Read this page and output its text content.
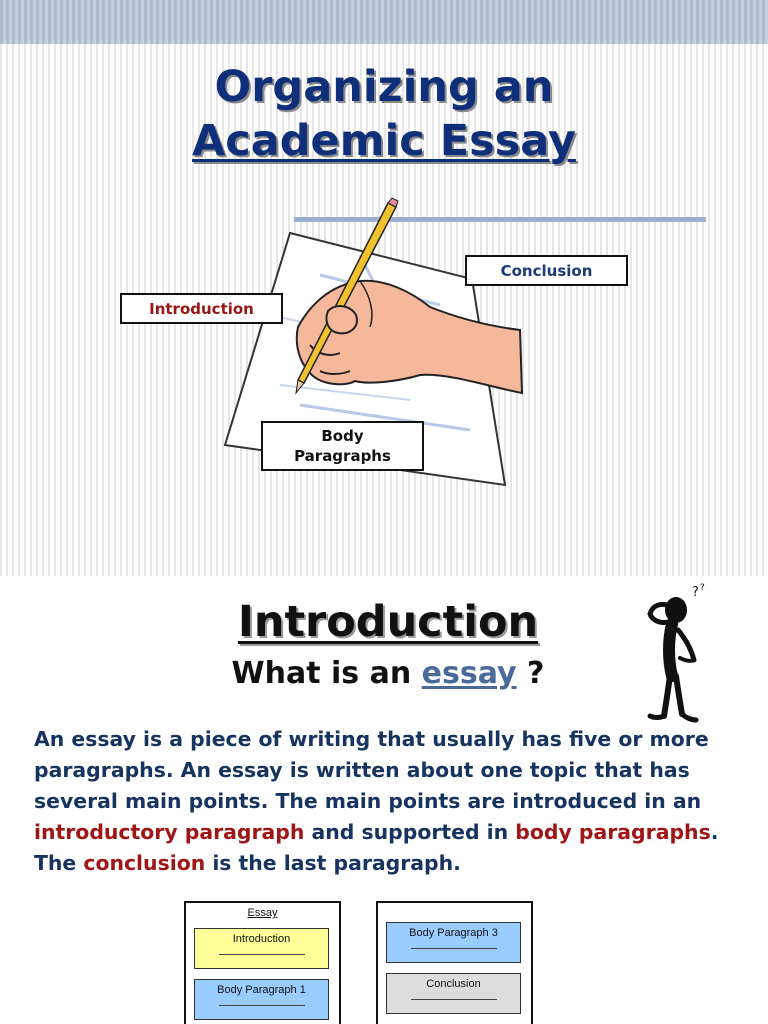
Organizing an
Academic Essay
Conclusion
Introduction
Body
Paragraphs
Introduction
What is an essay ?
? ?
An essay is a piece of writing that usually has five or more paragraphs. An essay is written about one topic that has several main points. The main points are introduced in an introductory paragraph and supported in body paragraphs. The conclusion is the last paragraph.
Essay
Introduction
Body Paragraph 1
Body Paragraph 3
Conclusion
